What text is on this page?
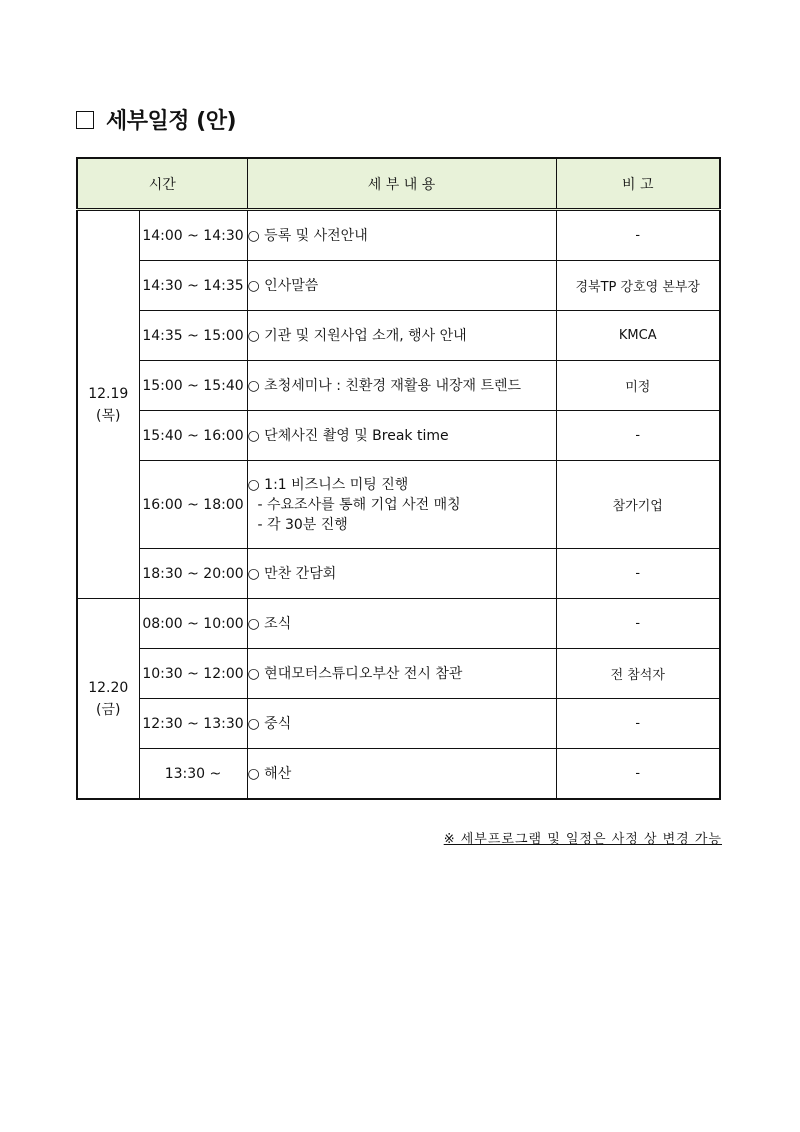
세부일정 (안)
시간		세 부 내 용	비 고

12.19
(목)	14:00 ~ 14:30	○ 등록 및 사전안내	-
	14:30 ~ 14:35	○ 인사말씀	경북TP 강호영 본부장
	14:35 ~ 15:00	○ 기관 및 지원사업 소개, 행사 안내	KMCA
	15:00 ~ 15:40	○ 초청세미나 : 친환경 재활용 내장재 트렌드	미정
	15:40 ~ 16:00	○ 단체사진 촬영 및 Break time	-
	16:00 ~ 18:00	○ 1:1 비즈니스 미팅 진행
- 수요조사를 통해 기업 사전 매칭
- 각 30분 진행	참가기업
	18:30 ~ 20:00	○ 만찬 간담회	-

12.20
(금)	08:00 ~ 10:00	○ 조식	-
	10:30 ~ 12:00	○ 현대모터스튜디오부산 전시 참관	전 참석자
	12:30 ~ 13:30	○ 중식	-
	13:30 ~	○ 해산	-
※ 세부프로그램 및 일정은 사정 상 변경 가능
